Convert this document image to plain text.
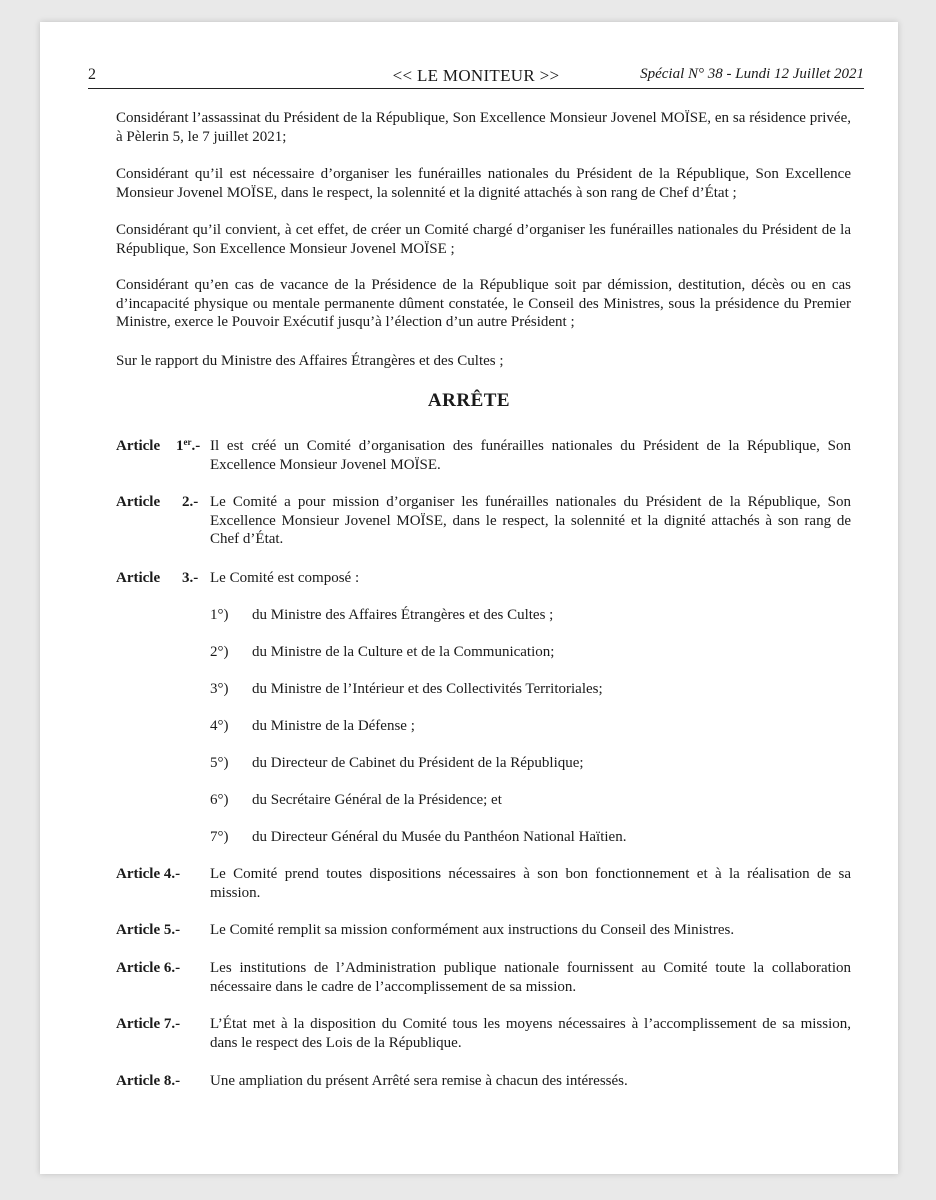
2	<< LE MONITEUR >>	Spécial N° 38 - Lundi 12 Juillet 2021
Considérant l’assassinat du Président de la République, Son Excellence Monsieur Jovenel MOÏSE, en sa résidence privée, à Pèlerin 5, le 7 juillet 2021;
Considérant qu’il est nécessaire d’organiser les funérailles nationales du Président de la République, Son Excellence Monsieur Jovenel MOÏSE, dans le respect, la solennité et la dignité attachés à son rang de Chef d’État ;
Considérant qu’il convient, à cet effet, de créer un Comité chargé d’organiser les funérailles nationales du Président de la République, Son Excellence Monsieur Jovenel MOÏSE ;
Considérant qu’en cas de vacance de la Présidence de la République soit par démission, destitution, décès ou en cas d’incapacité physique ou mentale permanente dûment constatée, le Conseil des Ministres, sous la présidence du Premier Ministre, exerce le Pouvoir Exécutif jusqu’à l’élection d’un autre Président ;
Sur le rapport du Ministre des Affaires Étrangères et des Cultes ;
ARRÊTE
Article 1er.- Il est créé un Comité d’organisation des funérailles nationales du Président de la République, Son Excellence Monsieur Jovenel MOÏSE.
Article 2.- Le Comité a pour mission d’organiser les funérailles nationales du Président de la République, Son Excellence Monsieur Jovenel MOÏSE, dans le respect, la solennité et la dignité attachés à son rang de Chef d’État.
Article 3.- Le Comité est composé :
1°) du Ministre des Affaires Étrangères et des Cultes ;
2°) du Ministre de la Culture et de la Communication;
3°) du Ministre de l’Intérieur et des Collectivités Territoriales;
4°) du Ministre de la Défense ;
5°) du Directeur de Cabinet du Président de la République;
6°) du Secrétaire Général de la Présidence; et
7°) du Directeur Général du Musée du Panthéon National Haïtien.
Article 4.-	Le Comité prend toutes dispositions nécessaires à son bon fonctionnement et à la réalisation de sa mission.
Article 5.-	Le Comité remplit sa mission conformément aux instructions du Conseil des Ministres.
Article 6.-	Les institutions de l’Administration publique nationale fournissent au Comité toute la collaboration nécessaire dans le cadre de l’accomplissement de sa mission.
Article 7.-	L’État met à la disposition du Comité tous les moyens nécessaires à l’accomplissement de sa mission, dans le respect des Lois de la République.
Article 8.-	Une ampliation du présent Arrêté sera remise à chacun des intéressés.
